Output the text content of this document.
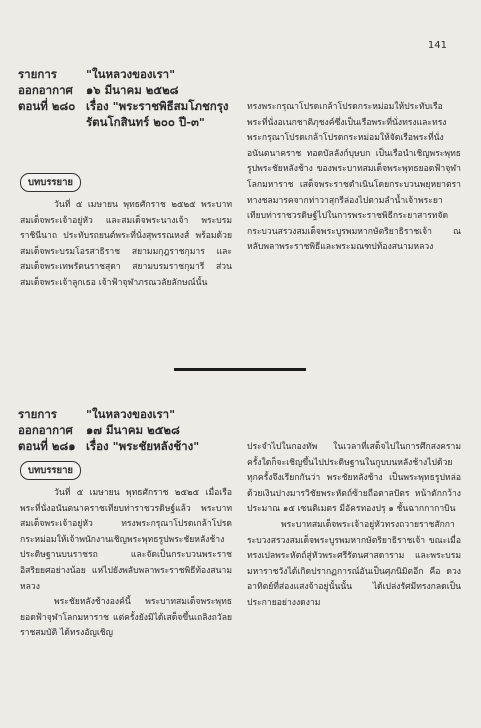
141
รายการ	"ในหลวงของเรา"
ออกอากาศ	๑๖ มีนาคม ๒๕๒๘
ตอนที่ ๒๘๐ เรื่อง "พระราชพิธีสมโภชกรุงรัตนโกสินทร์ ๒๐๐ ปี-๓"
บทบรรยาย

วันที่ ๕ เมษายน พุทธศักราช ๒๕๒๕ พระบาทสมเด็จพระเจ้าอยู่หัว และสมเด็จพระนางเจ้า พระบรมราชินีนาถ ประทับรถยนต์พระที่นั่งสุพรรณหงส์ พร้อมด้วยสมเด็จพระบรมโอรสาธิราช สยามมกุฎราชกุมาร และสมเด็จพระเทพรัตนราชสุดา สยามบรมราชกุมารี ส่วนสมเด็จพระเจ้าลูกเธอ เจ้าฟ้าจุฬาภรณวลัยลักษณ์นั้น

ทรงพระกรุณาโปรดเกล้าโปรดกระหม่อมให้ประทับเรือพระที่นั่งอเนกชาติภุชงค์ซึ่งเป็นเรือพระที่นั่งทรงและทรงพระกรุณาโปรดเกล้าโปรดกระหม่อมให้จัดเรือพระที่นั่งอนันตนาคราช ทอดบัลลังก์บุษบก เป็นเรือนำเชิญพระพุทธรูปพระชัยหลังช้าง ของพระบาทสมเด็จพระพุทธยอดฟ้าจุฬาโลกมหาราช เสด็จพระราชดำเนินโดยกระบวนพยุหยาตราทางชลมารคจากท่าวาสุกรีล่องไปตามลำน้ำเจ้าพระยาเทียบท่าราชวรดิษฐ์ไปในการพระราชพิธีกระยาสารทจัดกระบวนสรวงสมเด็จพระบูรพมหากษัตริยาธิราชเจ้า ณ หลับพลาพระราชพิธีและพระมณฑปท้องสนามหลวง

รายการ	"ในหลวงของเรา"
ออกอากาศ	๑๗ มีนาคม ๒๕๒๘
ตอนที่ ๒๘๑ เรื่อง "พระชัยหลังช้าง"
บทบรรยาย

วันที่ ๕ เมษายน พุทธศักราช ๒๕๒๕ เมื่อเรือพระที่นั่งอนันตนาคราชเทียบท่าราชวรดิษฐ์แล้ว พระบาทสมเด็จพระเจ้าอยู่หัว ทรงพระกรุณาโปรดเกล้าโปรดกระหม่อมให้เจ้าพนักงานเชิญพระพุทธรูปพระชัยหลังช้าง ประดิษฐานบนราชรถ และจัดเป็นกระบวนพระราชอิสริยยศอย่างน้อย แห่ไปยังพลับพลาพระราชพิธีท้องสนามหลวง

พระชัยหลังช้างองค์นี้ พระบาทสมเด็จพระพุทธยอดฟ้าจุฬาโลกมหาราช แต่ครั้งยังมิได้เสด็จขึ้นเถลิงถวัลยราชสมบัติ ได้ทรงอัญเชิญ

ประจำไปในกองทัพ ในเวลาที่เสด็จไปในการศึกสงครามครั้งใดก็จะเชิญขึ้นไปประดิษฐานในกูบบนหลังช้างไปด้วยทุกครั้งจึงเรียกกันว่า พระชัยหลังช้าง เป็นพระพุทธรูปหล่อด้วยเงินปางมารวิชัยพระหัตถ์ซ้ายถือตาลปัตร หน้าตักกว้างประมาณ ๑๕ เซนติเมตร มีอัครทองปรุ ๑ ชั้นฉากกากาบิน

พระบาทสมเด็จพระเจ้าอยู่หัวทรงถวายราชสักการะบวงสรวงสมเด็จพระบูรพมหากษัตริยาธิราชเจ้า ขณะเมื่อทรงเปลพระหัตถ์สู่หัวพระศรีรัตนศาสดาราม และพระบรมมหาราชวังได้เกิดปรากฏการณ์อันเป็นศุภนิมิตอีก คือ ดวงอาทิตย์ที่ส่องแสงจ้าอยู่นั้นนั้น ได้เปล่งรัศมีทรงกลดเป็นประกายอย่างงดงาม
